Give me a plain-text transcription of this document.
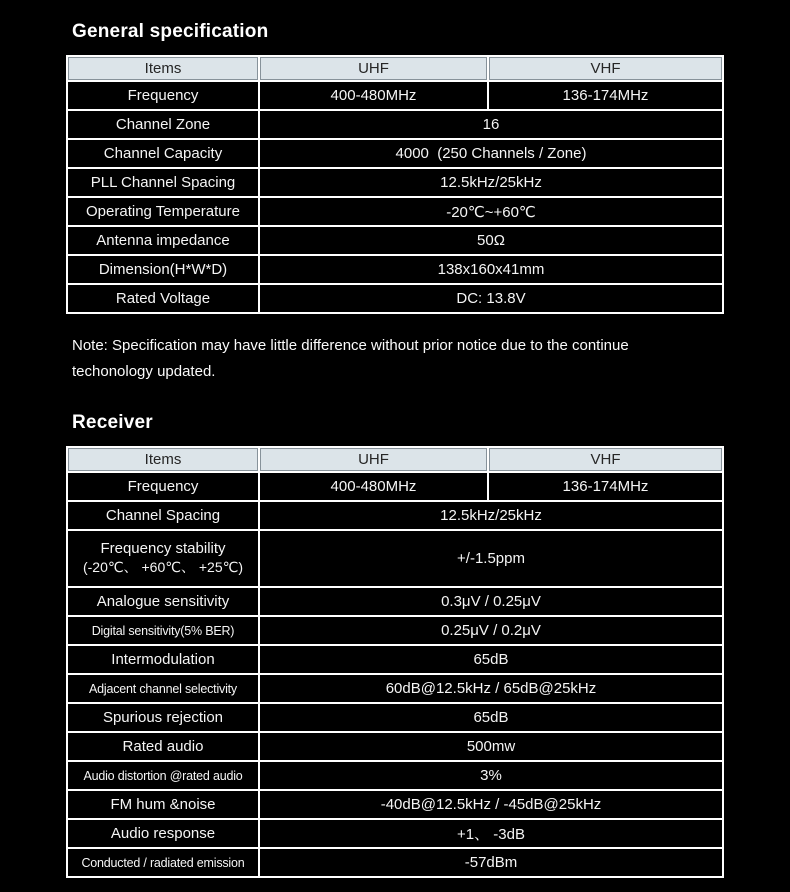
General specification
Items	UHF	VHF
Frequency	400-480MHz	136-174MHz
Channel Zone	16	
Channel Capacity	4000  (250 Channels / Zone)	
PLL Channel Spacing	12.5kHz/25kHz	
Operating Temperature	-20℃~+60℃	
Antenna impedance	50Ω	
Dimension(H*W*D)	138x160x41mm	
Rated Voltage	DC: 13.8V	

Note: Specification may have little difference without prior notice due to the continue
techonology updated.

Receiver
Items	UHF	VHF
Frequency	400-480MHz	136-174MHz
Channel Spacing	12.5kHz/25kHz	

Frequency stability
(-20℃、 +60℃、 +25℃)	+/-1.5ppm	
Analogue sensitivity	0.3μV / 0.25μV	
Digital sensitivity(5% BER)	0.25μV / 0.2μV	
Intermodulation	65dB	
Adjacent channel selectivity	60dB@12.5kHz / 65dB@25kHz	
Spurious rejection	65dB	
Rated audio	500mw	
Audio distortion @rated audio	3%	
FM hum &noise	-40dB@12.5kHz / -45dB@25kHz	
Audio response	+1、 -3dB	
Conducted / radiated emission	-57dBm	
